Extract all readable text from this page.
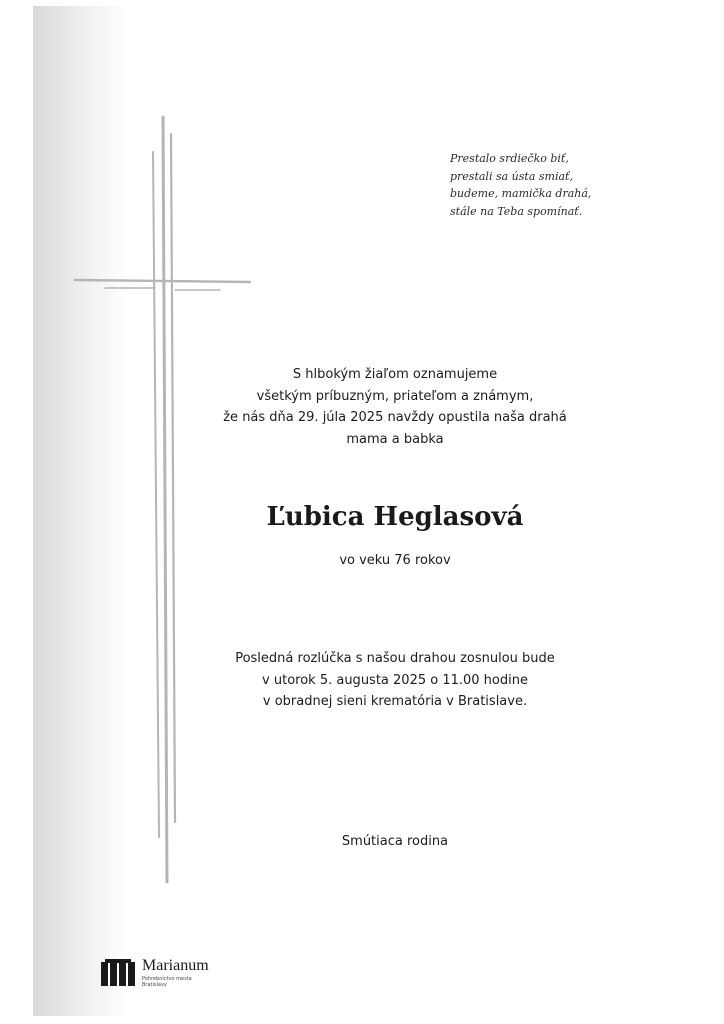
Prestalo srdiečko biť,
prestali sa ústa smiať,
budeme, mamička drahá,
stále na Teba spomínať.
S hlbokým žiaľom oznamujeme
všetkým príbuzným, priateľom a známym,
že nás dňa 29. júla 2025 navždy opustila naša drahá
mama a babka
Ľubica Heglasová
vo veku 76 rokov
Posledná rozlúčka s našou drahou zosnulou bude
v utorok 5. augusta 2025 o 11.00 hodine
v obradnej sieni krematória v Bratislave.
Smútiaca rodina
Marianum
Pohrebníctvo mesta Bratislavy
